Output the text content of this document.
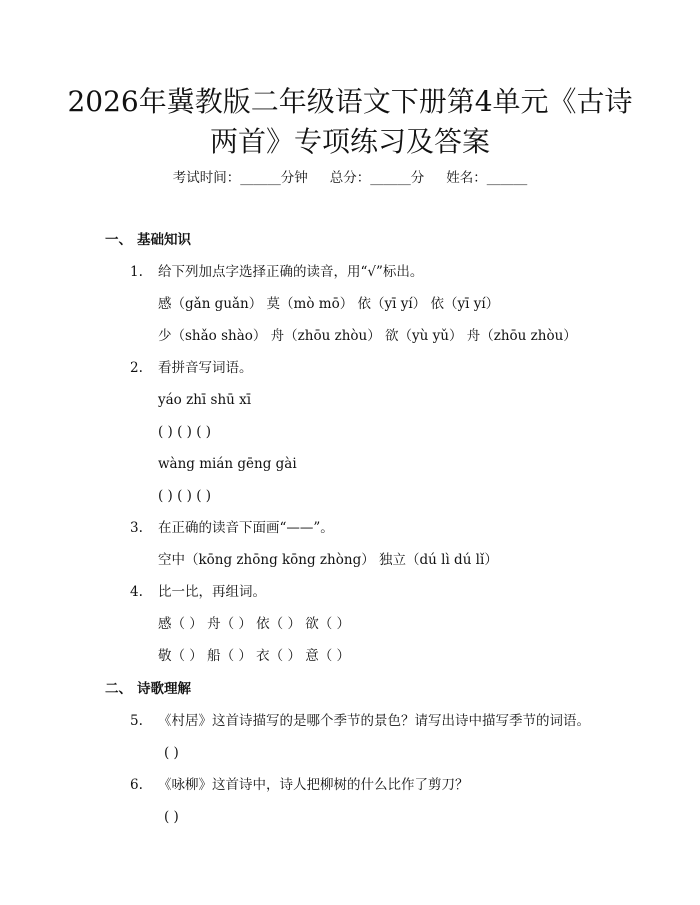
2026年冀教版二年级语文下册第4单元《古诗两首》专项练习及答案
考试时间：______分钟 总分：______分 姓名：______
一、 基础知识
1. 给下列加点字选择正确的读音，用“√”标出。
感（gǎn guǎn） 莫（mò mō） 依（yī yí） 依（yī yí）
少（shǎo shào） 舟（zhōu zhòu） 欲（yù yǔ） 舟（zhōu zhòu）
2. 看拼音写词语。
yáo zhī shū xī
( ) ( ) ( )
wàng mián gēng gài
( ) ( ) ( )
3. 在正确的读音下面画“——”。
空中（kōng zhōng kōng zhòng） 独立（dú lì dú lǐ）
4. 比一比，再组词。
感（ ） 舟（ ） 依（ ） 欲（ ）
敬（ ） 船（ ） 衣（ ） 意（ ）
二、 诗歌理解
5. 《村居》这首诗描写的是哪个季节的景色？请写出诗中描写季节的词语。
( )
6. 《咏柳》这首诗中，诗人把柳树的什么比作了剪刀？
( )
